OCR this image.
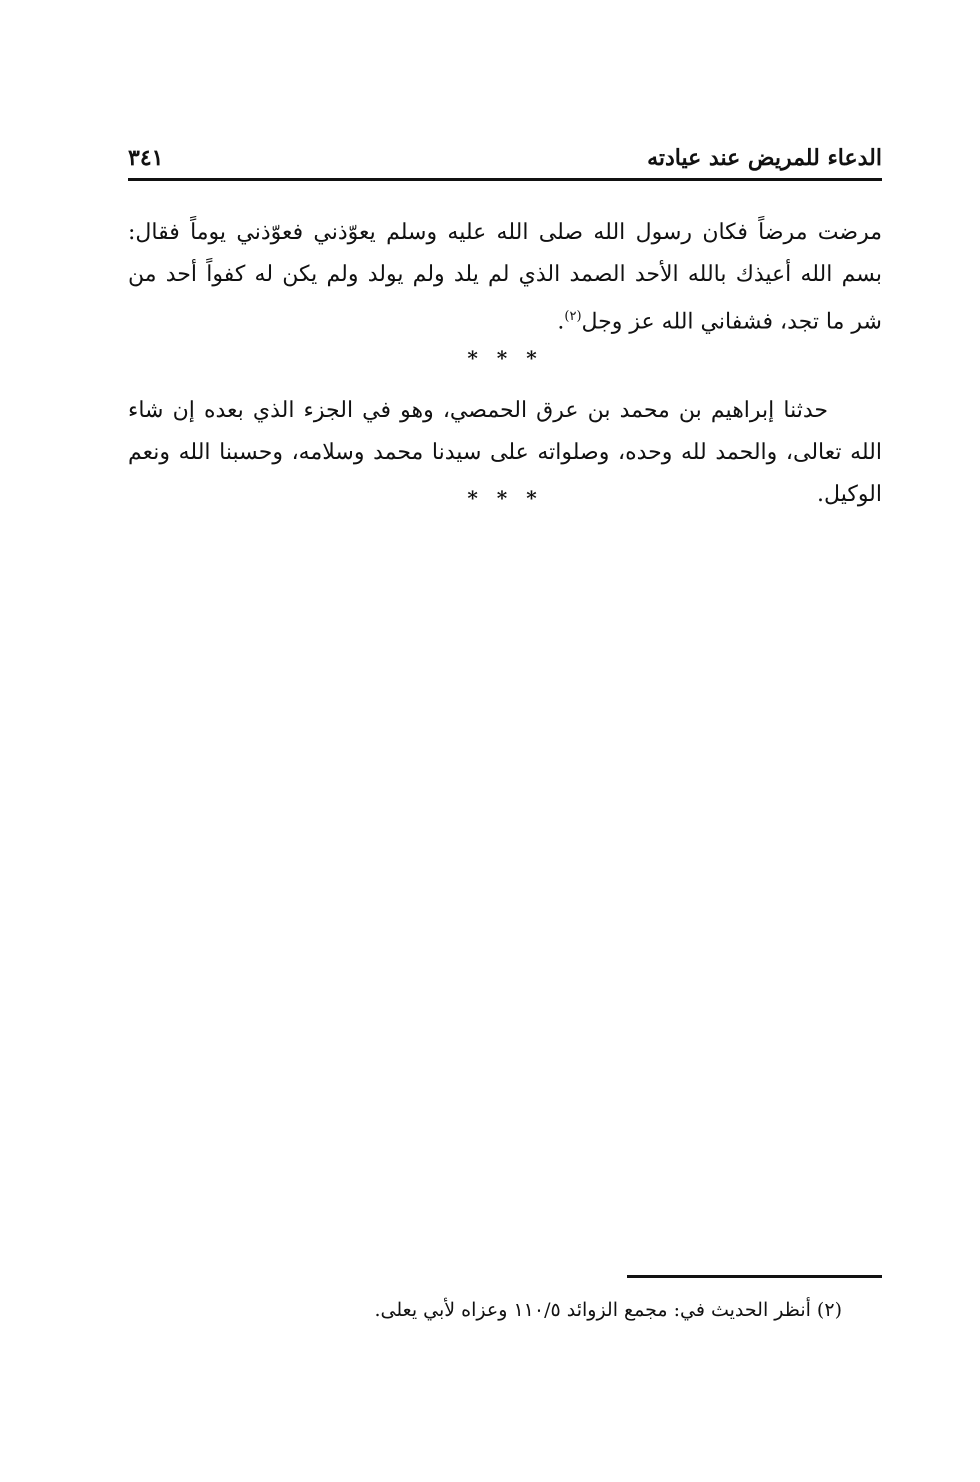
الدعاء للمريض عند عيادته
٣٤١
مرضت مرضاً فكان رسول الله صلى الله عليه وسلم يعوّذني فعوّذني يوماً فقال: بسم الله أعيذك بالله الأحد الصمد الذي لم يلد ولم يولد ولم يكن له كفواً أحد من شر ما تجد، فشفاني الله عز وجل$^{(٢)}$.
* * *
حدثنا إبراهيم بن محمد بن عرق الحمصي، وهو في الجزء الذي بعده إن شاء الله تعالى، والحمد لله وحده، وصلواته على سيدنا محمد وسلامه، وحسبنا الله ونعم الوكيل.
* * *
(٢) أنظر الحديث في: مجمع الزوائد ١١٠/٥ وعزاه لأبي يعلى.
